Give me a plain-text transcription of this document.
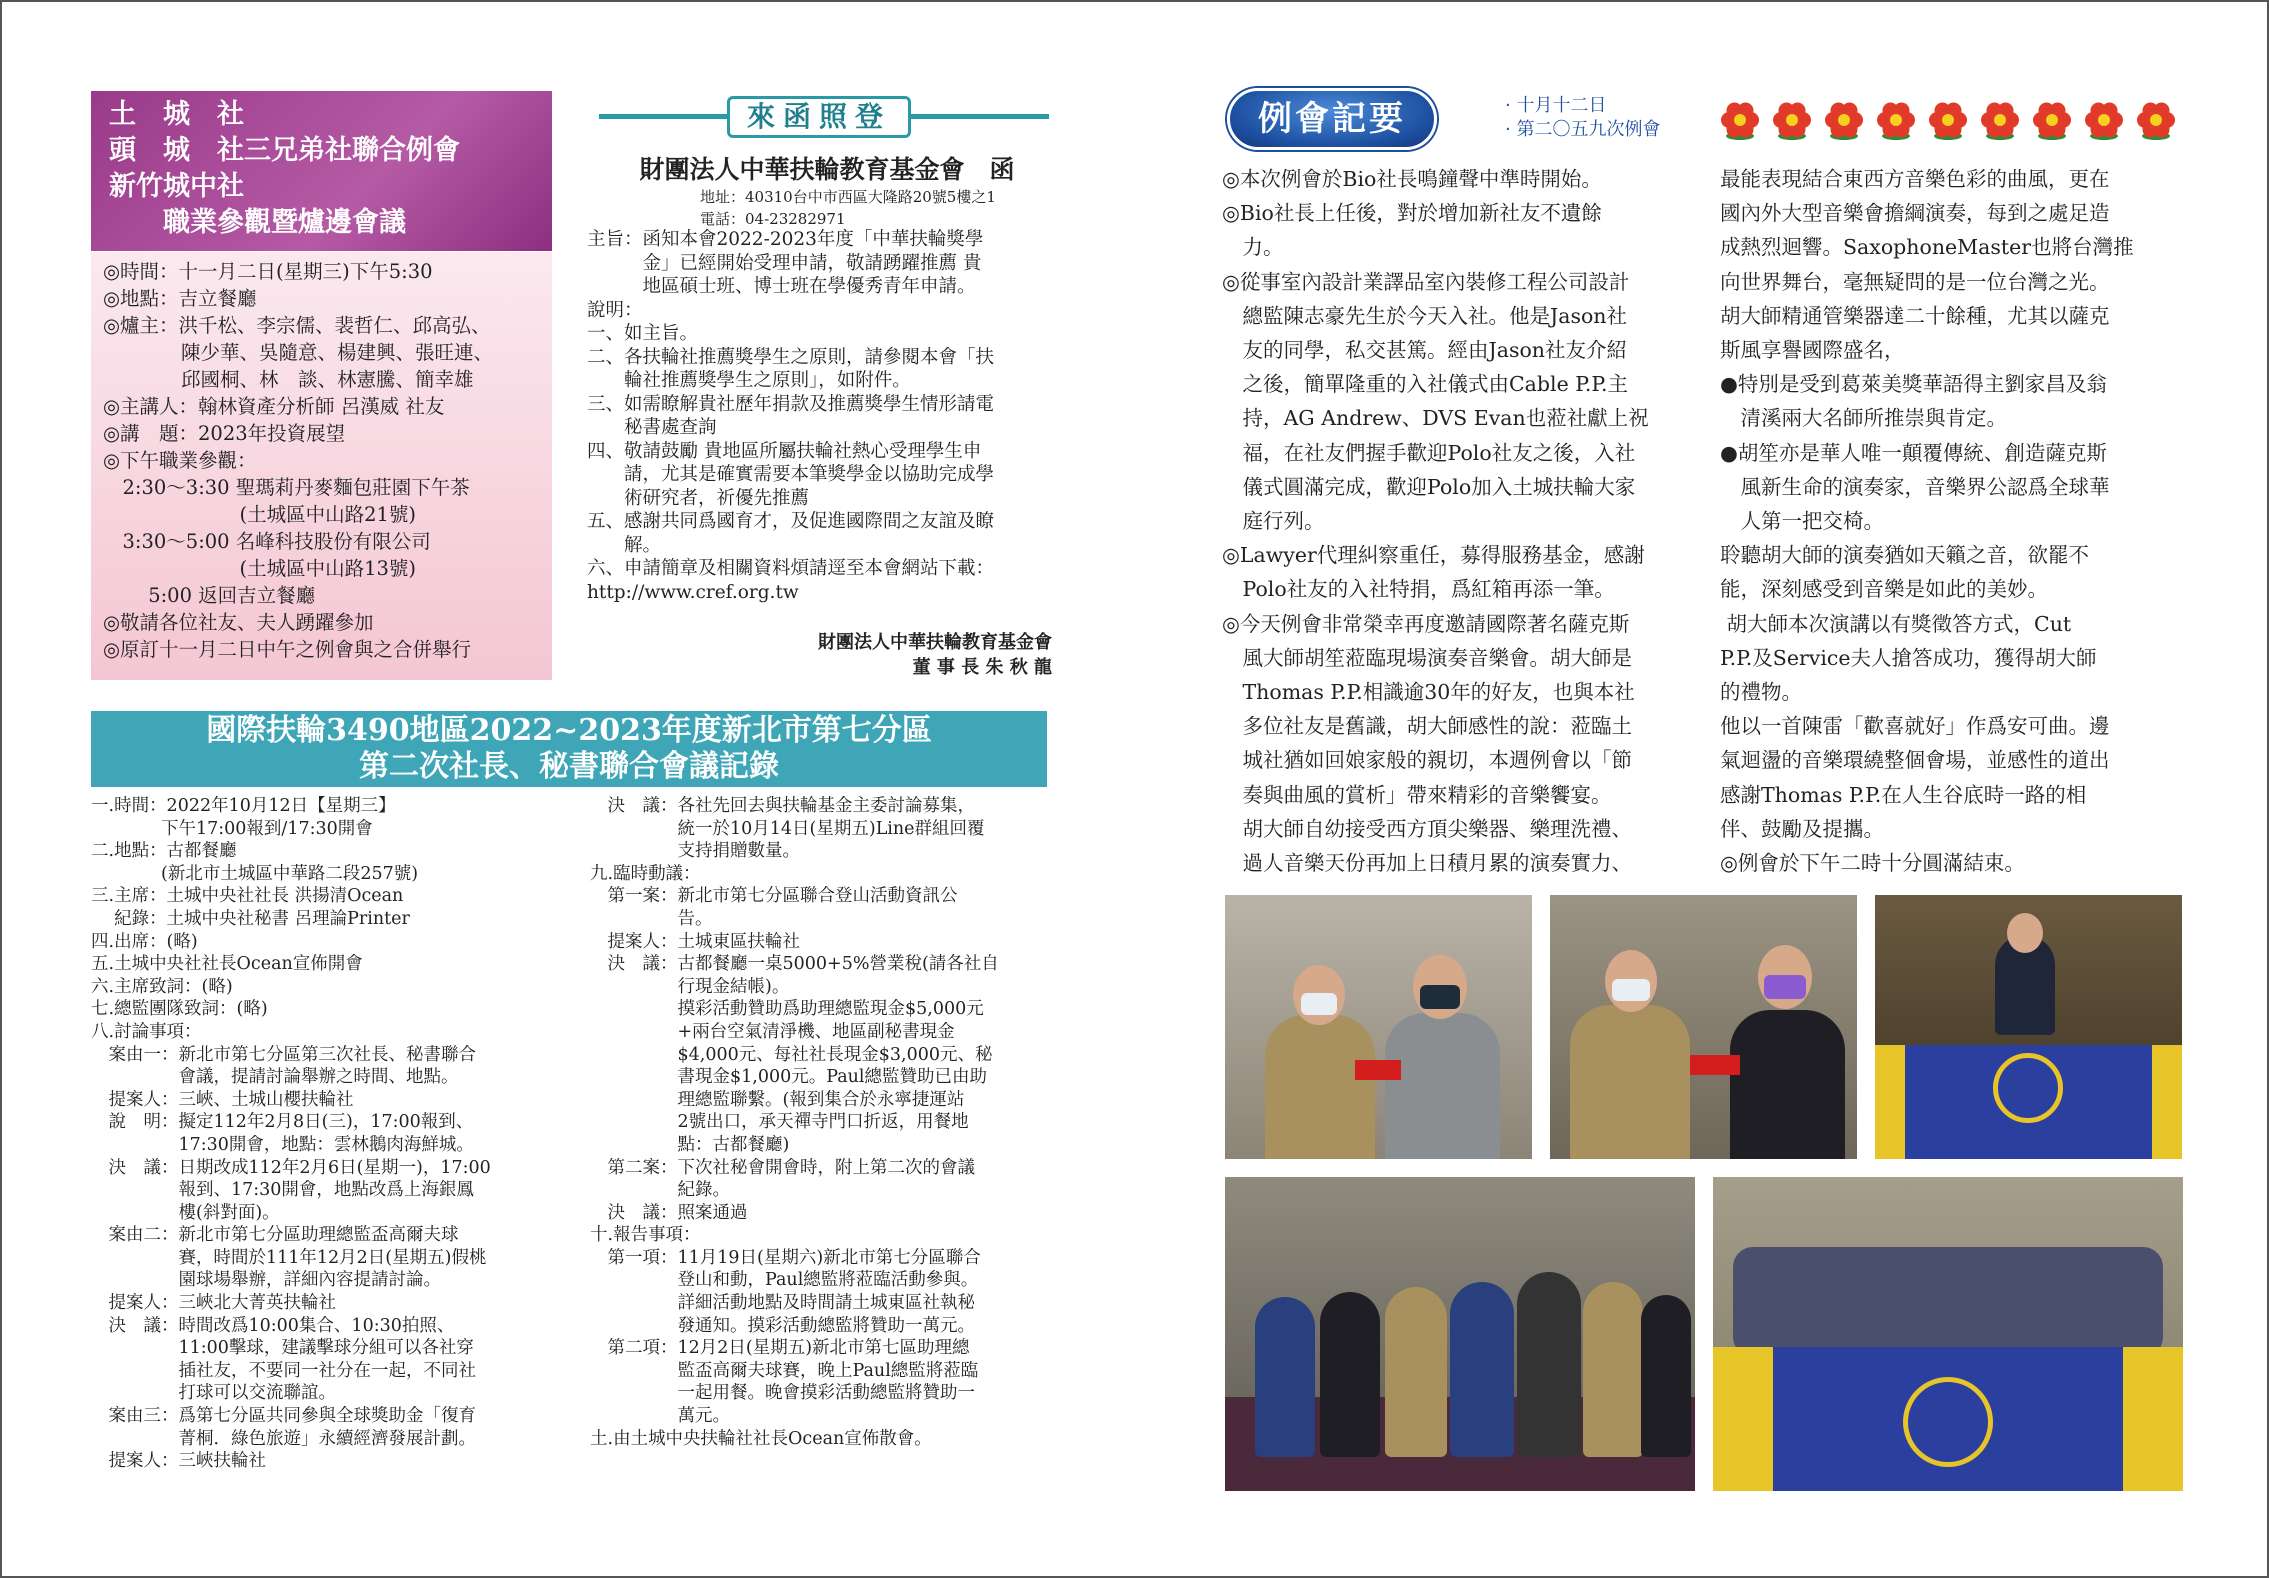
土　城　社
頭　城　社三兄弟社聯合例會
新竹城中社
　　職業參觀暨爐邊會議
◎時間：十一月二日(星期三)下午5:30
◎地點：吉立餐廳
◎爐主：洪千松、李宗儒、裴哲仁、邱高弘、
　　　　陳少華、吳隨意、楊建興、張旺連、
　　　　邱國桐、林　談、林憲騰、簡幸雄
◎主講人：翰林資產分析師 呂漢威 社友
◎講　題：2023年投資展望
◎下午職業參觀：
　2:30～3:30 聖瑪莉丹麥麵包莊園下午茶
　　　　　　　(土城區中山路21號)
　3:30～5:00 名峰科技股份有限公司
　　　　　　　(土城區中山路13號)
　　 5:00 返回吉立餐廳
◎敬請各位社友、夫人踴躍參加
◎原訂十一月二日中午之例會與之合併舉行
來函照登
財團法人中華扶輪教育基金會　函
地址：40310台中市西區大隆路20號5樓之1
電話：04-23282971
主旨：函知本會2022-2023年度「中華扶輪獎學
　　　金」已經開始受理申請，敬請踴躍推薦 貴
　　　地區碩士班、博士班在學優秀青年申請。
說明：
一、如主旨。
二、各扶輪社推薦獎學生之原則，請參閱本會「扶
　　輪社推薦獎學生之原則」，如附件。
三、如需瞭解貴社歷年捐款及推薦獎學生情形請電
　　秘書處查詢
四、敬請鼓勵 貴地區所屬扶輪社熱心受理學生申
　　請，尤其是確實需要本筆獎學金以協助完成學
　　術研究者，祈優先推薦
五、感謝共同爲國育才，及促進國際間之友誼及瞭
　　解。
六、申請簡章及相關資料煩請逕至本會網站下載：
http://www.cref.org.tw
財團法人中華扶輪教育基金會
董 事 長 朱 秋 龍
國際扶輪3490地區2022~2023年度新北市第七分區
第二次社長、秘書聯合會議記錄
一.時間：2022年10月12日【星期三】
　　　　下午17:00報到/17:30開會
二.地點：古都餐廳
　　　　(新北市土城區中華路二段257號)
三.主席：土城中央社社長 洪揚清Ocean
　 紀錄：土城中央社秘書 呂理論Printer
四.出席：(略)
五.土城中央社社長Ocean宣佈開會
六.主席致詞：(略)
七.總監團隊致詞：(略)
八.討論事項：
　案由一：新北市第七分區第三次社長、秘書聯合
　　　　　會議，提請討論舉辦之時間、地點。
　提案人：三峽、土城山櫻扶輪社
　說　明：擬定112年2月8日(三)，17:00報到、
　　　　　17:30開會，地點：雲林鵝肉海鮮城。
　決　議：日期改成112年2月6日(星期一)，17:00
　　　　　報到、17:30開會，地點改爲上海銀鳳
　　　　　樓(斜對面)。
　案由二：新北市第七分區助理總監盃高爾夫球
　　　　　賽，時間於111年12月2日(星期五)假桃
　　　　　園球場舉辦，詳細內容提請討論。
　提案人：三峽北大菁英扶輪社
　決　議：時間改爲10:00集合、10:30拍照、
　　　　　11:00擊球，建議擊球分組可以各社穿
　　　　　插社友，不要同一社分在一起，不同社
　　　　　打球可以交流聯誼。
　案由三：爲第七分區共同參與全球獎助金「復育
　　　　　菁桐．綠色旅遊」永續經濟發展計劃。
　提案人：三峽扶輪社
　決　議：各社先回去與扶輪基金主委討論募集，
　　　　　統一於10月14日(星期五)Line群組回覆
　　　　　支持捐贈數量。
九.臨時動議：
　第一案：新北市第七分區聯合登山活動資訊公
　　　　　告。
　提案人：土城東區扶輪社
　決　議：古都餐廳一桌5000+5%營業稅(請各社自
　　　　　行現金結帳)。
　　　　　摸彩活動贊助爲助理總監現金$5,000元
　　　　　+兩台空氣清淨機、地區副秘書現金
　　　　　$4,000元、每社社長現金$3,000元、秘
　　　　　書現金$1,000元。Paul總監贊助已由助
　　　　　理總監聯繫。(報到集合於永寧捷運站
　　　　　2號出口，承天禪寺門口折返，用餐地
　　　　　點：古都餐廳)
　第二案：下次社秘會開會時，附上第二次的會議
　　　　　紀錄。
　決　議：照案通過
十.報告事項：
　第一項：11月19日(星期六)新北市第七分區聯合
　　　　　登山和動，Paul總監將蒞臨活動參與。
　　　　　詳細活動地點及時間請土城東區社執秘
　　　　　發通知。摸彩活動總監將贊助一萬元。
　第二項：12月2日(星期五)新北市第七區助理總
　　　　　監盃高爾夫球賽，晚上Paul總監將蒞臨
　　　　　一起用餐。晚會摸彩活動總監將贊助一
　　　　　萬元。
土.由土城中央扶輪社社長Ocean宣佈散會。
例會記要	· 十月十二日
· 第二〇五九次例會
◎本次例會於Bio社長鳴鐘聲中準時開始。
◎Bio社長上任後，對於增加新社友不遺餘
　力。
◎從事室內設計業譯品室內裝修工程公司設計
　總監陳志豪先生於今天入社。他是Jason社
　友的同學，私交甚篤。經由Jason社友介紹
　之後，簡單隆重的入社儀式由Cable P.P.主
　持，AG Andrew、DVS Evan也蒞社獻上祝
　福，在社友們握手歡迎Polo社友之後，入社
　儀式圓滿完成，歡迎Polo加入土城扶輪大家
　庭行列。
◎Lawyer代理糾察重任，募得服務基金，感謝
　Polo社友的入社特捐，爲紅箱再添一筆。
◎今天例會非常榮幸再度邀請國際著名薩克斯
　風大師胡笙蒞臨現場演奏音樂會。胡大師是
　Thomas P.P.相識逾30年的好友，也與本社
　多位社友是舊識，胡大師感性的說：蒞臨土
　城社猶如回娘家般的親切，本週例會以「節
　奏與曲風的賞析」帶來精彩的音樂饗宴。
　胡大師自幼接受西方頂尖樂器、樂理洗禮、
　過人音樂天份再加上日積月累的演奏實力、
最能表現結合東西方音樂色彩的曲風，更在
國內外大型音樂會擔綱演奏，每到之處足造
成熱烈迴響。SaxophoneMaster也將台灣推
向世界舞台，毫無疑問的是一位台灣之光。
胡大師精通管樂器達二十餘種，尤其以薩克
斯風享譽國際盛名，
●特別是受到葛萊美獎華語得主劉家昌及翁
　清溪兩大名師所推崇與肯定。
●胡笙亦是華人唯一顛覆傳統、創造薩克斯
　風新生命的演奏家，音樂界公認爲全球華
　人第一把交椅。
聆聽胡大師的演奏猶如天籟之音，欲罷不
能，深刻感受到音樂是如此的美妙。
胡大師本次演講以有獎徵答方式，Cut
P.P.及Service夫人搶答成功，獲得胡大師
的禮物。
他以一首陳雷「歡喜就好」作爲安可曲。邊
氣迴盪的音樂環繞整個會場，並感性的道出
感謝Thomas P.P.在人生谷底時一路的相
伴、鼓勵及提攜。
◎例會於下午二時十分圓滿結束。
